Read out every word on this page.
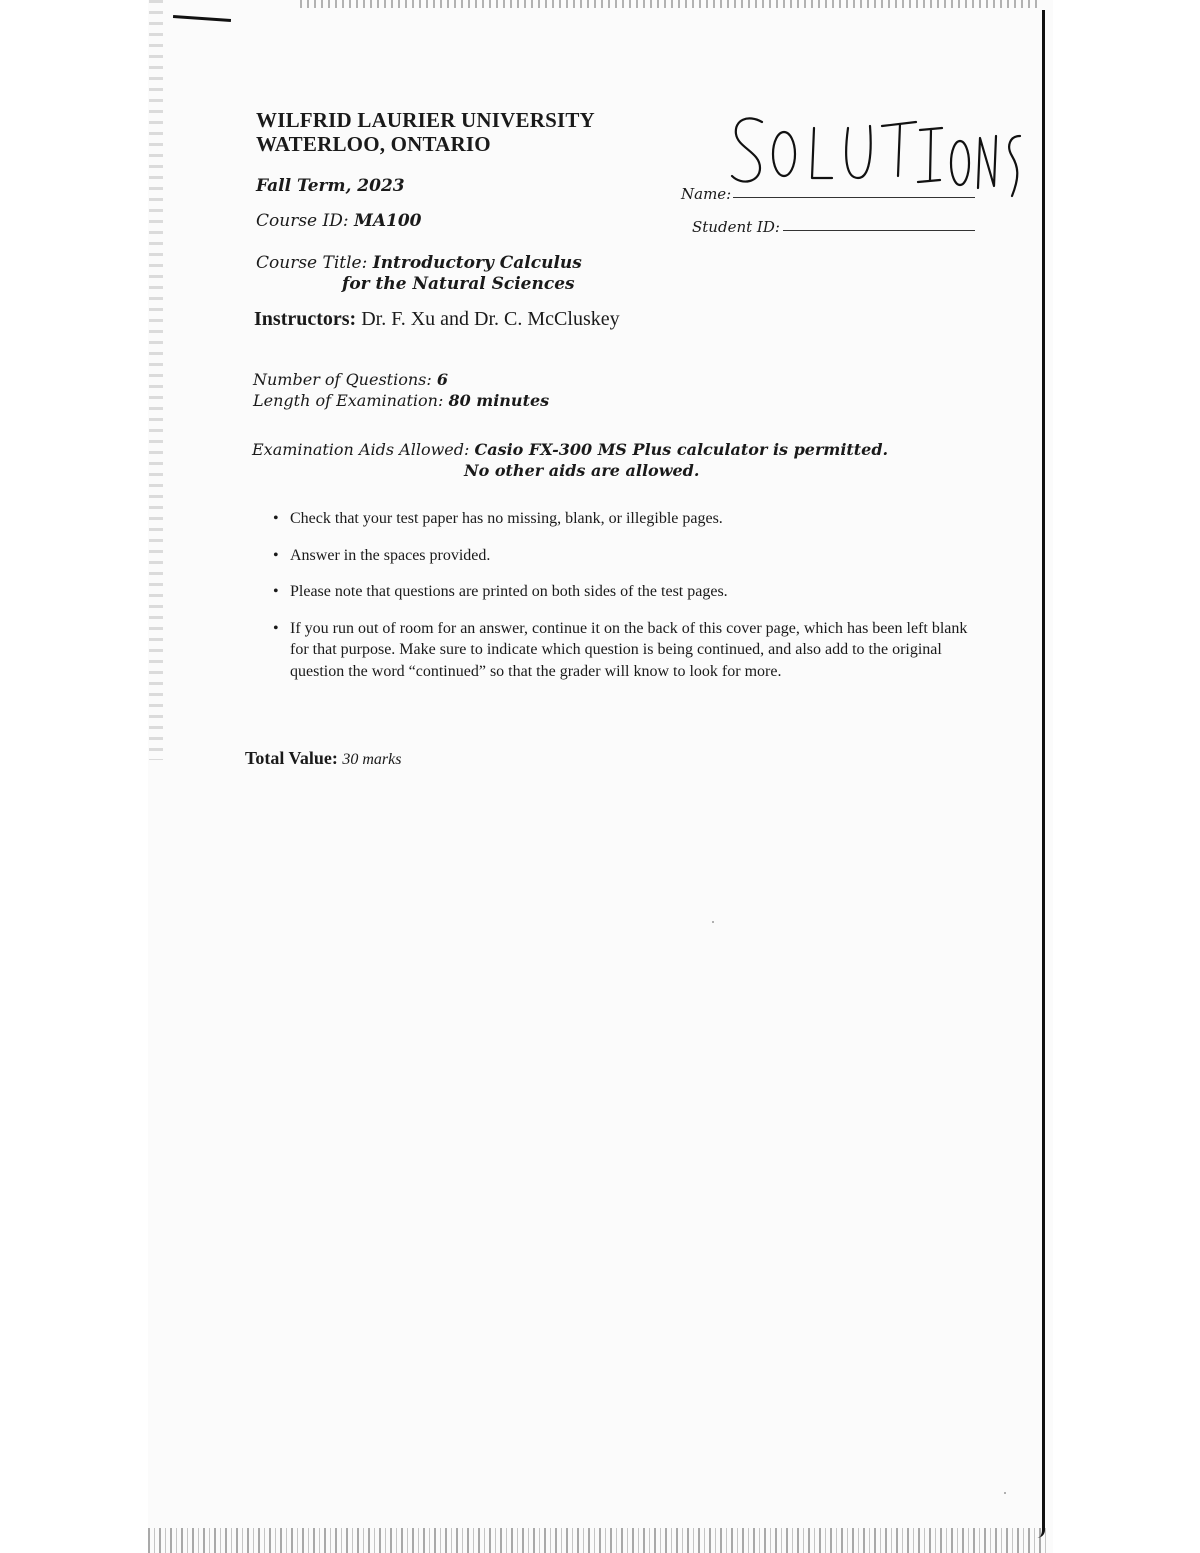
WILFRID LAURIER UNIVERSITY
WATERLOO, ONTARIO
Fall Term, 2023
Course ID: MA100
Course Title: Introductory Calculus
for the Natural Sciences
Instructors: Dr. F. Xu and Dr. C. McCluskey
Number of Questions: 6
Length of Examination: 80 minutes
Examination Aids Allowed: Casio FX-300 MS Plus calculator is permitted.
No other aids are allowed.
Name:
Student ID:
• Check that your test paper has no missing, blank, or illegible pages.
• Answer in the spaces provided.
• Please note that questions are printed on both sides of the test pages.
• If you run out of room for an answer, continue it on the back of this cover page, which has been left blank for that purpose. Make sure to indicate which question is being continued, and also add to the original question the word “continued” so that the grader will know to look for more.
Total Value: 30 marks
